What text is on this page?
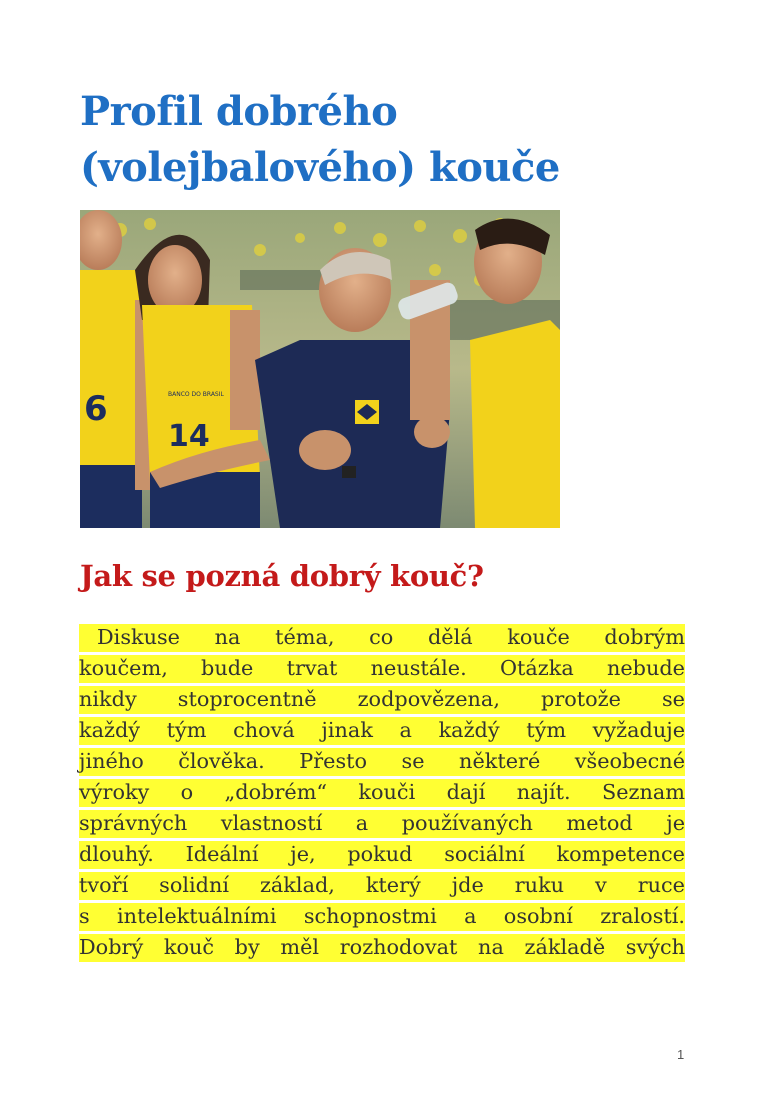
Profil dobrého
(volejbalového) kouče
6
14
BANCO DO BRASIL
Jak se pozná dobrý kouč?

Diskuse na téma, co dělá kouče dobrým
koučem, bude trvat neustále. Otázka nebude
nikdy stoprocentně zodpovězena, protože se
každý tým chová jinak a každý tým vyžaduje
jiného člověka. Přesto se některé všeobecné
výroky o „dobrém“ kouči dají najít. Seznam
správných vlastností a používaných metod je
dlouhý. Ideální je, pokud sociální kompetence
tvoří solidní základ, který jde ruku v ruce
s intelektuálními schopnostmi a osobní zralostí.
Dobrý kouč by měl rozhodovat na základě svých

1
